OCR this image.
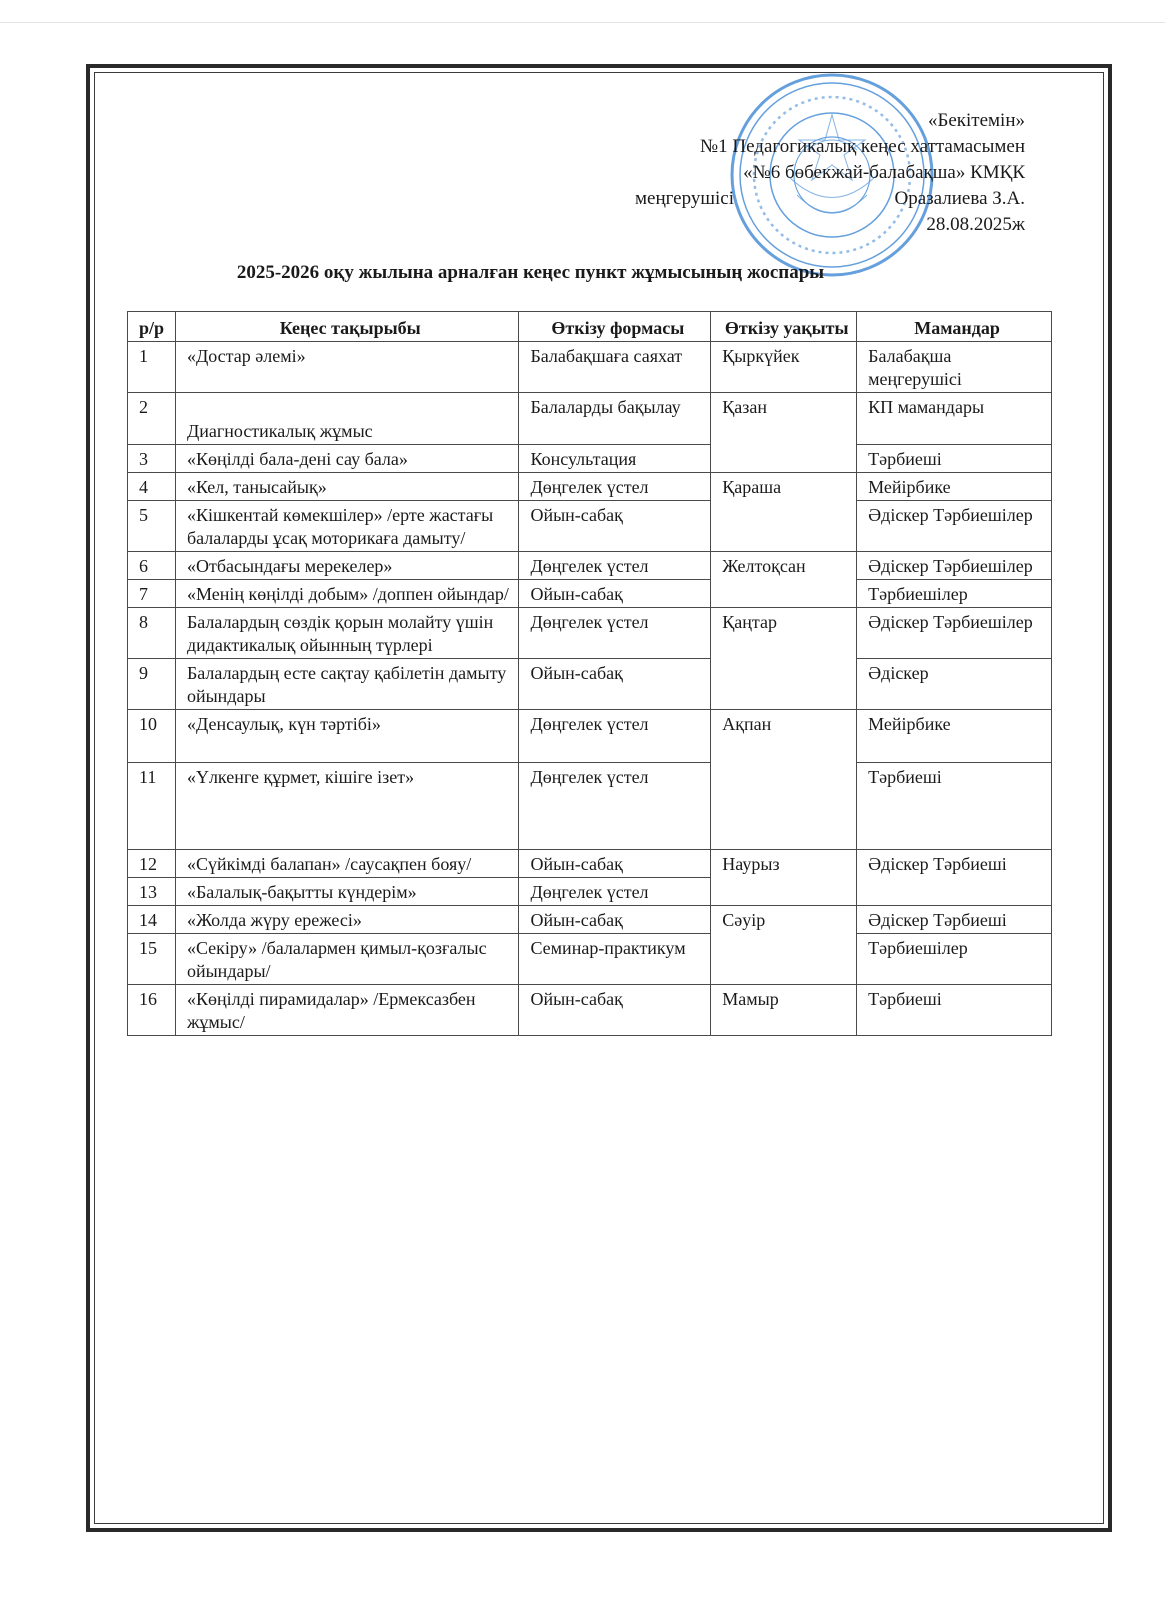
«Бекітемін»
№1 Педагогикалық кеңес хаттамасымен
«№6 бөбекжай-балабақша» КМҚК
меңгерушісі	Оразалиева З.А.
28.08.2025ж
2025-2026 оқу жылына арналған кеңес пункт жұмысының жоспары
р/р	Кеңес тақырыбы	Өткізу формасы	Өткізу уақыты	Мамандар
1	«Достар әлемі»	Балабақшаға саяхат	Қыркүйек	Балабақша меңгерушісі
2	Диагностикалық жұмыс	Балаларды бақылау	Қазан	КП мамандары
3	«Көңілді бала-дені сау бала»	Консультация		Тәрбиеші
4	«Кел, танысайық»	Дөңгелек үстел	Қараша	Мейірбике
5	«Кішкентай көмекшілер» /ерте жастағы балаларды ұсақ моторикаға дамыту/	Ойын-сабақ		Әдіскер Тәрбиешілер
6	«Отбасындағы мерекелер»	Дөңгелек үстел	Желтоқсан	Әдіскер Тәрбиешілер
7	«Менің көңілді добым» /доппен ойындар/	Ойын-сабақ		Тәрбиешілер
8	Балалардың сөздік қорын молайту үшін дидактикалық ойынның түрлері	Дөңгелек үстел	Қаңтар	Әдіскер Тәрбиешілер
9	Балалардың есте сақтау қабілетін дамыту ойындары	Ойын-сабақ		Әдіскер
10	«Денсаулық, күн тәртібі»	Дөңгелек үстел	Ақпан	Мейірбике
11	«Үлкенге құрмет, кішіге ізет»	Дөңгелек үстел		Тәрбиеші
12	«Сүйкімді балапан» /саусақпен бояу/	Ойын-сабақ	Наурыз	Әдіскер Тәрбиеші
13	«Балалық-бақытты күндерім»	Дөңгелек үстел		
14	«Жолда жүру ережесі»	Ойын-сабақ	Сәуір	Әдіскер Тәрбиеші
15	«Секіру» /балалармен қимыл-қозғалыс ойындары/	Семинар-практикум		Тәрбиешілер
16	«Көңілді пирамидалар» /Ермексазбен жұмыс/	Ойын-сабақ	Мамыр	Тәрбиеші
